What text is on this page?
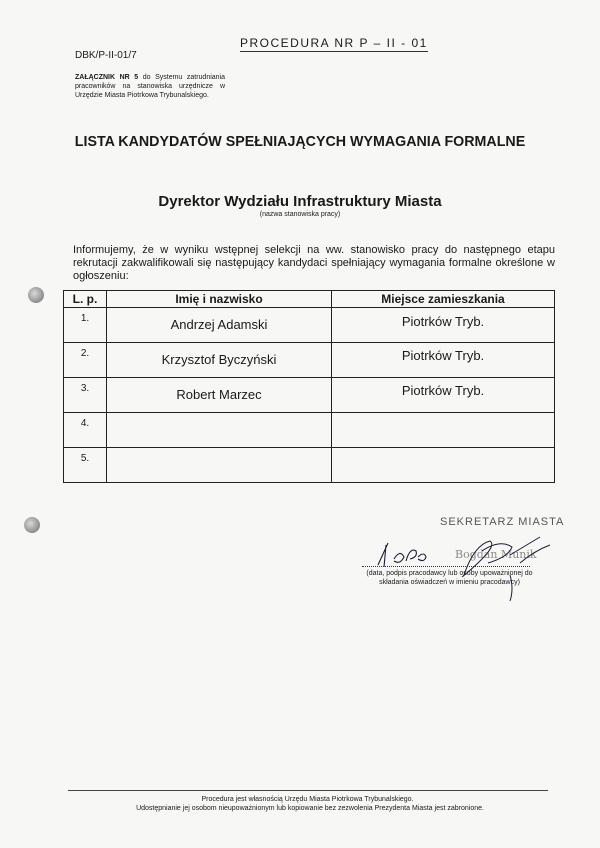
PROCEDURA NR P – II - 01
DBK/P-II-01/7
ZAŁĄCZNIK NR 5 do Systemu zatrudniania pracowników na stanowiska urzędnicze w Urzędzie Miasta Piotrkowa Trybunalskiego.
LISTA KANDYDATÓW SPEŁNIAJĄCYCH WYMAGANIA FORMALNE
Dyrektor Wydziału Infrastruktury Miasta
(nazwa stanowiska pracy)
Informujemy, że w wyniku wstępnej selekcji na ww. stanowisko pracy do następnego etapu rekrutacji zakwalifikowali się następujący kandydaci spełniający wymagania formalne określone w ogłoszeniu:
L. p.	Imię i nazwisko	Miejsce zamieszkania
1.	Andrzej Adamski	Piotrków Tryb.
2.	Krzysztof Byczyński	Piotrków Tryb.
3.	Robert Marzec	Piotrków Tryb.
4.		
5.		
SEKRETARZ MIASTA
Bogdan Munik
(data, podpis pracodawcy lub osoby upoważnionej do składania oświadczeń w imieniu pracodawcy)
Procedura jest własnością Urzędu Miasta Piotrkowa Trybunalskiego.
Udostępnianie jej osobom nieupoważnionym lub kopiowanie bez zezwolenia Prezydenta Miasta jest zabronione.
